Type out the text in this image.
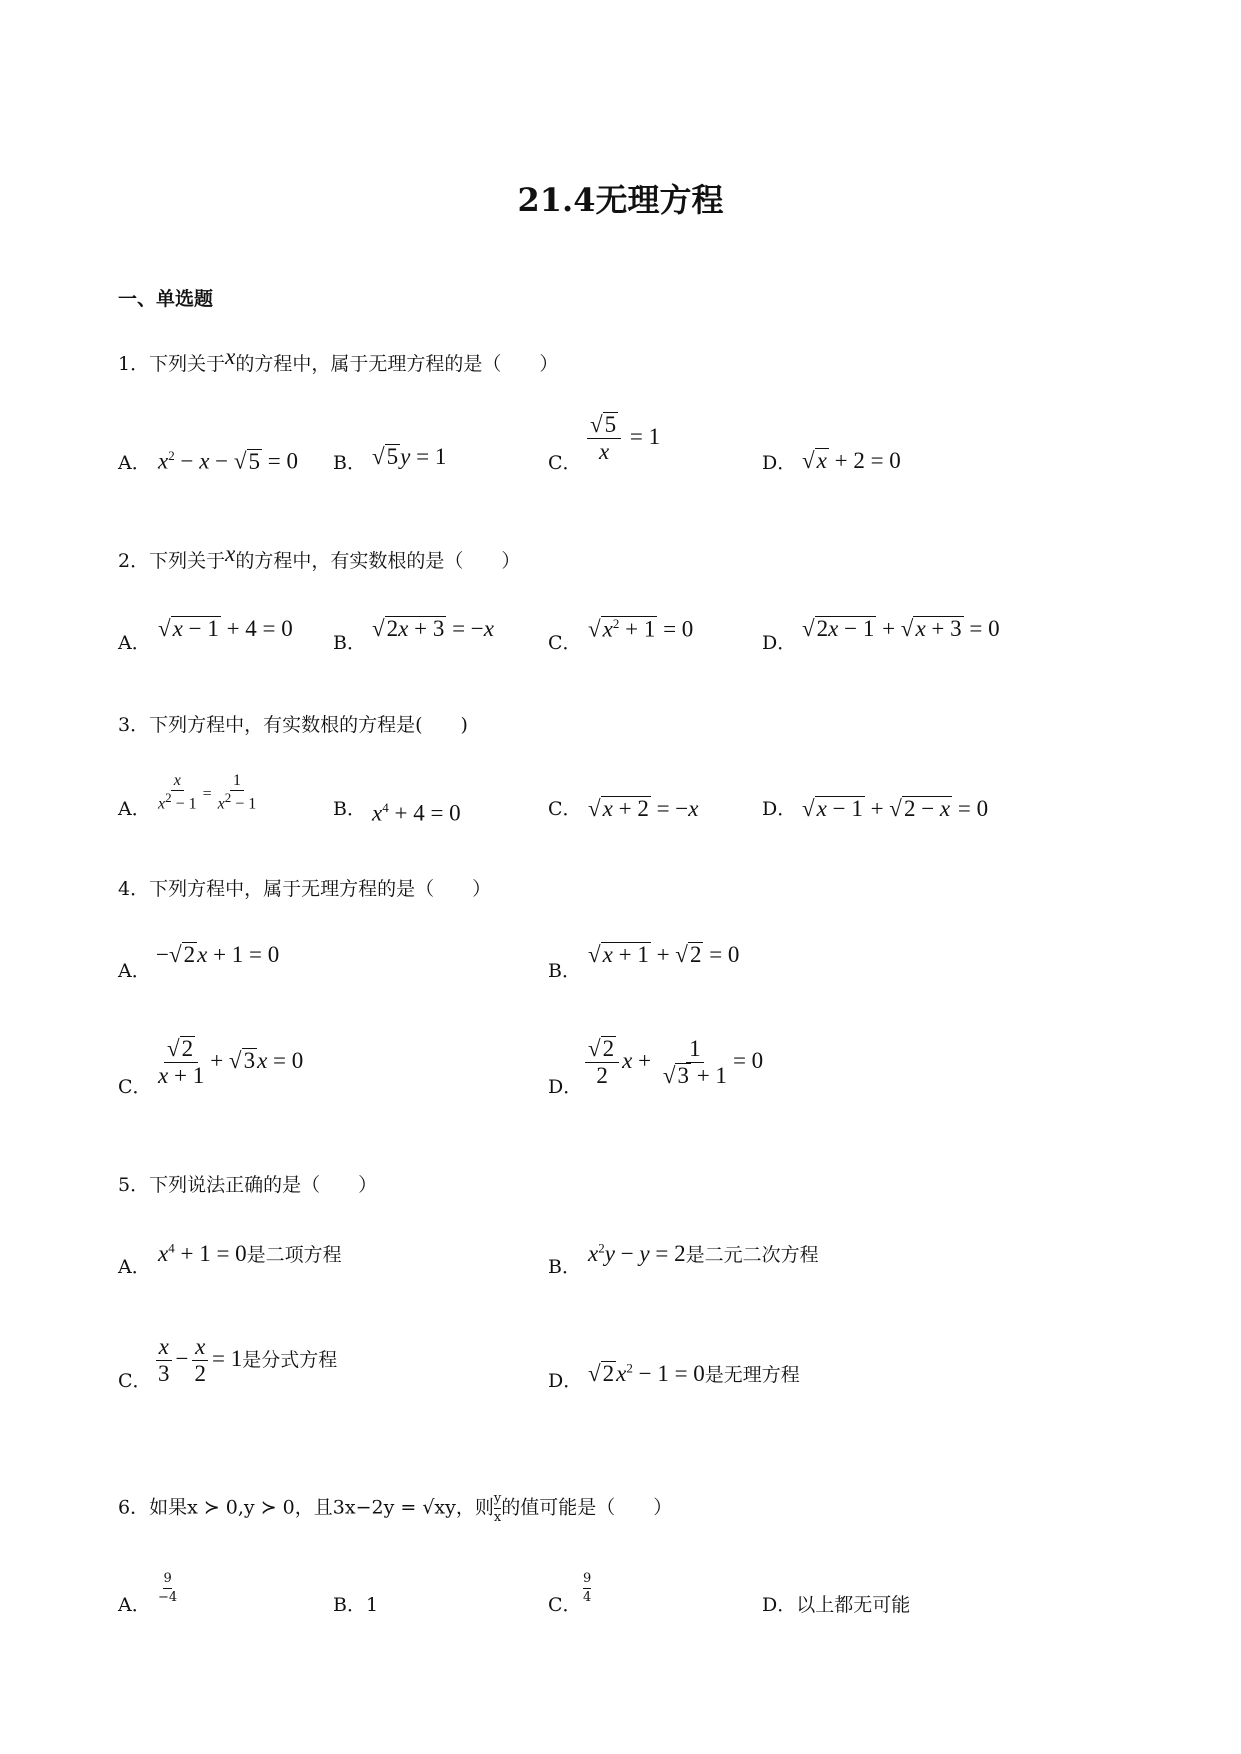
21.4无理方程
一、单选题
1．下列关于x的方程中，属于无理方程的是（　　）
A． $x^2 - x - √5 = 0$ B． √5y = 1	C． $\frac{√5}{x} = 1$
D． √x + 2 = 0
2．下列关于x的方程中，有实数根的是（　　）
A．
√x − 1 + 4 = 0
B．
√2x + 3 = −x
C．
$√x^2 + 1 = 0$
D．
√2x − 1 + √x + 3 = 0
3．下列方程中，有实数根的方程是(　　)
A． $\frac{x}{x^2 - 1} = \frac{1}{x^2 - 1}$	B． $x^4 + 4 = 0$	C． √x + 2 = −x	D． √x − 1 + √2 − x = 0
4．下列方程中，属于无理方程的是（　　）
A．
−√2x + 1 = 0
B．
√x + 1 + √2 = 0
C． $\frac{√2}{x + 1} + √3x = 0$
D． $\frac{√2}{2}$ $x + \frac{1}{√3 + 1} = 0$
5．下列说法正确的是（　　）
A．
$x^4 + 1 = 0$是二项方程
B．
$x^2y - y = 2$是二元二次方程
C． $\frac{x}{3} - \frac{x}{2} = 1$是分式方程
D． $√2x^2 - 1 = 0$是无理方程
6．如果x ≻ 0,y ≻ 0，且3x−2y = √xy，则 $\frac{y}{x}$ 的值可能是（　　）
A． $\frac{9}{-4}$	B．1	C． $\frac{9}{4}$	D．以上都无可能
